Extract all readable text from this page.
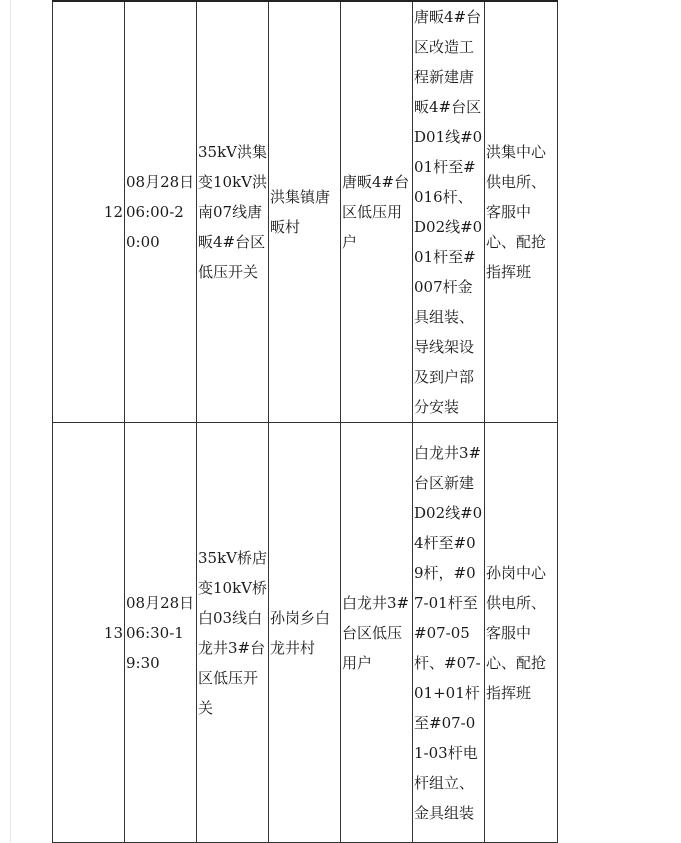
12	08月28日06:00-20:00	35kV洪集变10kV洪南07线唐畈4#台区低压开关	洪集镇唐畈村	唐畈4#台区低压用户	唐畈4#台区改造工程新建唐畈4#台区D01线#001杆至#016杆、D02线#001杆至#007杆金具组装、导线架设及到户部分安装	洪集中心供电所、客服中心、配抢指挥班
13	08月28日06:30-19:30	35kV桥店变10kV桥白03线白龙井3#台区低压开关	孙岗乡白龙井村	白龙井3#台区低压用户	白龙井3#台区新建D02线#04杆至#09杆，#07-01杆至#07-05杆、#07-01+01杆至#07-01-03杆电杆组立、金具组装	孙岗中心供电所、客服中心、配抢指挥班
